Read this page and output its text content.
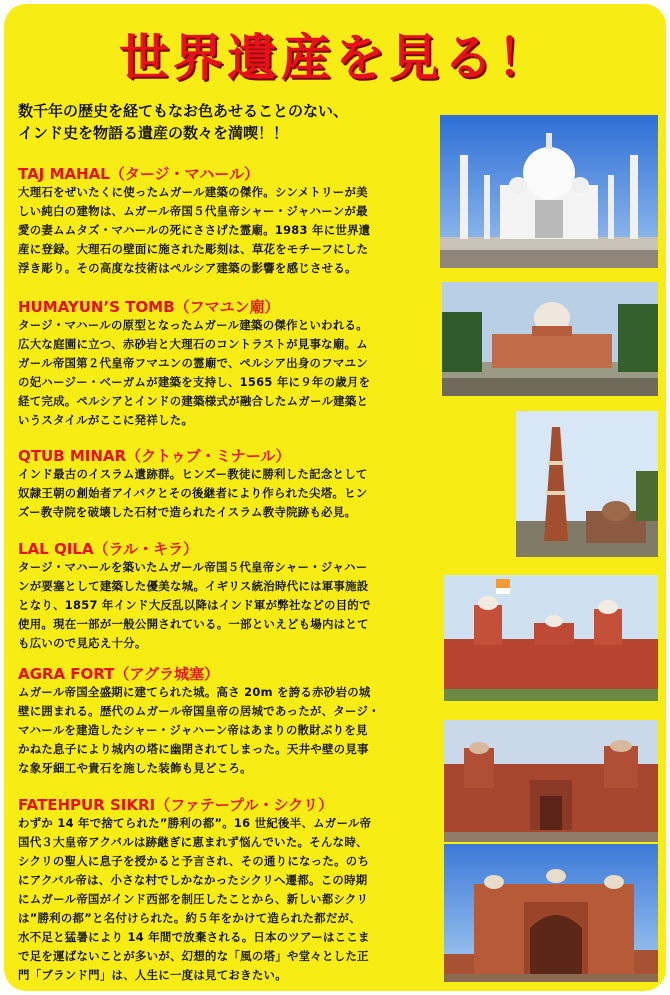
世界遺産を見る！
数千年の歴史を経てもなお色あせることのない、
インド史を物語る遺産の数々を満喫！！
TAJ MAHAL（タージ・マハール）
大理石をぜいたくに使ったムガール建築の傑作。シンメトリーが美
しい純白の建物は、ムガール帝国５代皇帝シャー・ジャハーンが最
愛の妻ムムタズ・マハールの死にささげた霊廟。1983 年に世界遺
産に登録。大理石の壁面に施された彫刻は、草花をモチーフにした
浮き彫り。その高度な技術はペルシア建築の影響を感じさせる。
HUMAYUN’S TOMB（フマユン廟）
タージ・マハールの原型となったムガール建築の傑作といわれる。
広大な庭園に立つ、赤砂岩と大理石のコントラストが見事な廟。ム
ガール帝国第２代皇帝フマユンの霊廟で、ペルシア出身のフマユン
の妃ハージー・ベーガムが建築を支持し、1565 年に９年の歳月を
経て完成。ペルシアとインドの建築様式が融合したムガール建築と
いうスタイルがここに発祥した。
QTUB MINAR（クトゥブ・ミナール）
インド最古のイスラム遺跡群。ヒンズー教徒に勝利した記念として
奴隷王朝の創始者アイバクとその後継者により作られた尖塔。ヒン
ズー教寺院を破壊した石材で造られたイスラム教寺院跡も必見。
LAL QILA（ラル・キラ）
タージ・マハールを築いたムガール帝国５代皇帝シャー・ジャハー
ンが要塞として建築した優美な城。イギリス統治時代には軍事施設
となり、1857 年インド大反乱以降はインド軍が弊社などの目的で
使用。現在一部が一般公開されている。一部といえども場内はとて
も広いので見応え十分。
AGRA FORT（アグラ城塞）
ムガール帝国全盛期に建てられた城。高さ 20m を誇る赤砂岩の城
壁に囲まれる。歴代のムガール帝国皇帝の居城であったが、タージ・
マハールを建造したシャー・ジャハーン帝はあまりの散財ぶりを見
かねた息子により城内の塔に幽閉されてしまった。天井や壁の見事
な象牙細工や貴石を施した装飾も見どころ。
FATEHPUR SIKRI（ファテープル・シクリ）
わずか 14 年で捨てられた”勝利の都”。16 世紀後半、ムガール帝
国代３大皇帝アクバルは跡継ぎに恵まれず悩んでいた。そんな時、
シクリの聖人に息子を授かると予言され、その通りになった。のち
にアクバル帝は、小さな村でしかなかったシクリへ遷都。この時期
にムガール帝国がインド西部を制圧したことから、新しい都シクリ
は”勝利の都”と名付けられた。約５年をかけて造られた都だが、
水不足と猛暑により 14 年間で放棄される。日本のツアーはここま
で足を運ばないことが多いが、幻想的な「風の塔」や堂々とした正
門「ブランド門」は、人生に一度は見ておきたい。
